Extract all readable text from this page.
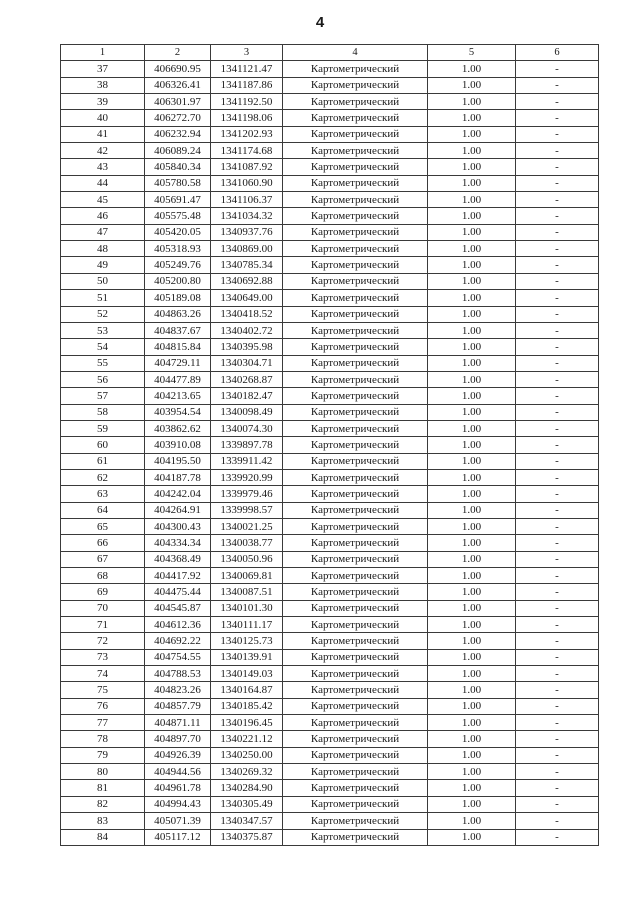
4
1	2	3	4	5	6
37	406690.95	1341121.47	Картометрический	1.00	-
38	406326.41	1341187.86	Картометрический	1.00	-
39	406301.97	1341192.50	Картометрический	1.00	-
40	406272.70	1341198.06	Картометрический	1.00	-
41	406232.94	1341202.93	Картометрический	1.00	-
42	406089.24	1341174.68	Картометрический	1.00	-
43	405840.34	1341087.92	Картометрический	1.00	-
44	405780.58	1341060.90	Картометрический	1.00	-
45	405691.47	1341106.37	Картометрический	1.00	-
46	405575.48	1341034.32	Картометрический	1.00	-
47	405420.05	1340937.76	Картометрический	1.00	-
48	405318.93	1340869.00	Картометрический	1.00	-
49	405249.76	1340785.34	Картометрический	1.00	-
50	405200.80	1340692.88	Картометрический	1.00	-
51	405189.08	1340649.00	Картометрический	1.00	-
52	404863.26	1340418.52	Картометрический	1.00	-
53	404837.67	1340402.72	Картометрический	1.00	-
54	404815.84	1340395.98	Картометрический	1.00	-
55	404729.11	1340304.71	Картометрический	1.00	-
56	404477.89	1340268.87	Картометрический	1.00	-
57	404213.65	1340182.47	Картометрический	1.00	-
58	403954.54	1340098.49	Картометрический	1.00	-
59	403862.62	1340074.30	Картометрический	1.00	-
60	403910.08	1339897.78	Картометрический	1.00	-
61	404195.50	1339911.42	Картометрический	1.00	-
62	404187.78	1339920.99	Картометрический	1.00	-
63	404242.04	1339979.46	Картометрический	1.00	-
64	404264.91	1339998.57	Картометрический	1.00	-
65	404300.43	1340021.25	Картометрический	1.00	-
66	404334.34	1340038.77	Картометрический	1.00	-
67	404368.49	1340050.96	Картометрический	1.00	-
68	404417.92	1340069.81	Картометрический	1.00	-
69	404475.44	1340087.51	Картометрический	1.00	-
70	404545.87	1340101.30	Картометрический	1.00	-
71	404612.36	1340111.17	Картометрический	1.00	-
72	404692.22	1340125.73	Картометрический	1.00	-
73	404754.55	1340139.91	Картометрический	1.00	-
74	404788.53	1340149.03	Картометрический	1.00	-
75	404823.26	1340164.87	Картометрический	1.00	-
76	404857.79	1340185.42	Картометрический	1.00	-
77	404871.11	1340196.45	Картометрический	1.00	-
78	404897.70	1340221.12	Картометрический	1.00	-
79	404926.39	1340250.00	Картометрический	1.00	-
80	404944.56	1340269.32	Картометрический	1.00	-
81	404961.78	1340284.90	Картометрический	1.00	-
82	404994.43	1340305.49	Картометрический	1.00	-
83	405071.39	1340347.57	Картометрический	1.00	-
84	405117.12	1340375.87	Картометрический	1.00	-
